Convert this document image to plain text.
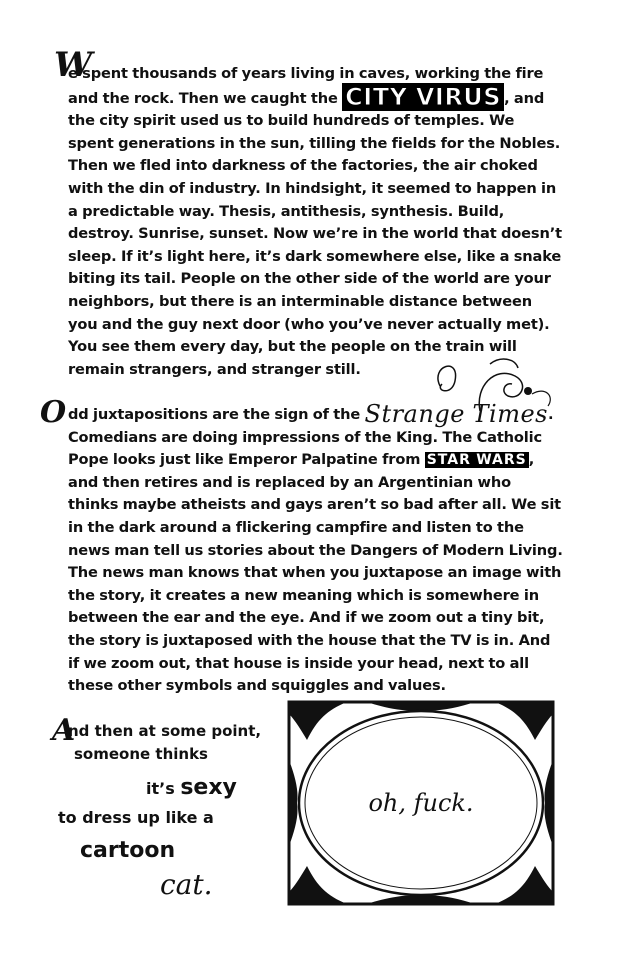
W
e spent thousands of years living in caves, working the fire and the rock. Then we caught the CITY VIRUS , and the city spirit used us to build hundreds of temples. We spent generations in the sun, tilling the fields for the Nobles. Then we fled into darkness of the factories, the air choked with the din of industry. In hindsight, it seemed to happen in a predictable way. Thesis, antithesis, synthesis. Build, destroy. Sunrise, sunset. Now we’re in the world that doesn’t sleep. If it’s light here, it’s dark somewhere else, like a snake biting its tail. People on the other side of the world are your neighbors, but there is an interminable distance between you and the guy next door (who you’ve never actually met). You see them every day, but the people on the train will remain strangers, and stranger still.
O dd juxtapositions are the sign of the Strange Times. Comedians are doing impressions of the King. The Catholic Pope looks just like Emperor Palpatine from STAR WARS , and then retires and is replaced by an Argentinian who thinks maybe atheists and gays aren’t so bad after all. We sit in the dark around a flickering campfire and listen to the news man tell us stories about the Dangers of Modern Living. The news man knows that when you juxtapose an image with the story, it creates a new meaning which is somewhere in between the ear and the eye. And if we zoom out a tiny bit, the story is juxtaposed with the house that the TV is in. And if we zoom out, that house is inside your head, next to all these other symbols and squiggles and values.
A
nd then at some point,
someone thinks
it’s sexy
to dress up like a
cartoon
cat.
oh, fuck.
